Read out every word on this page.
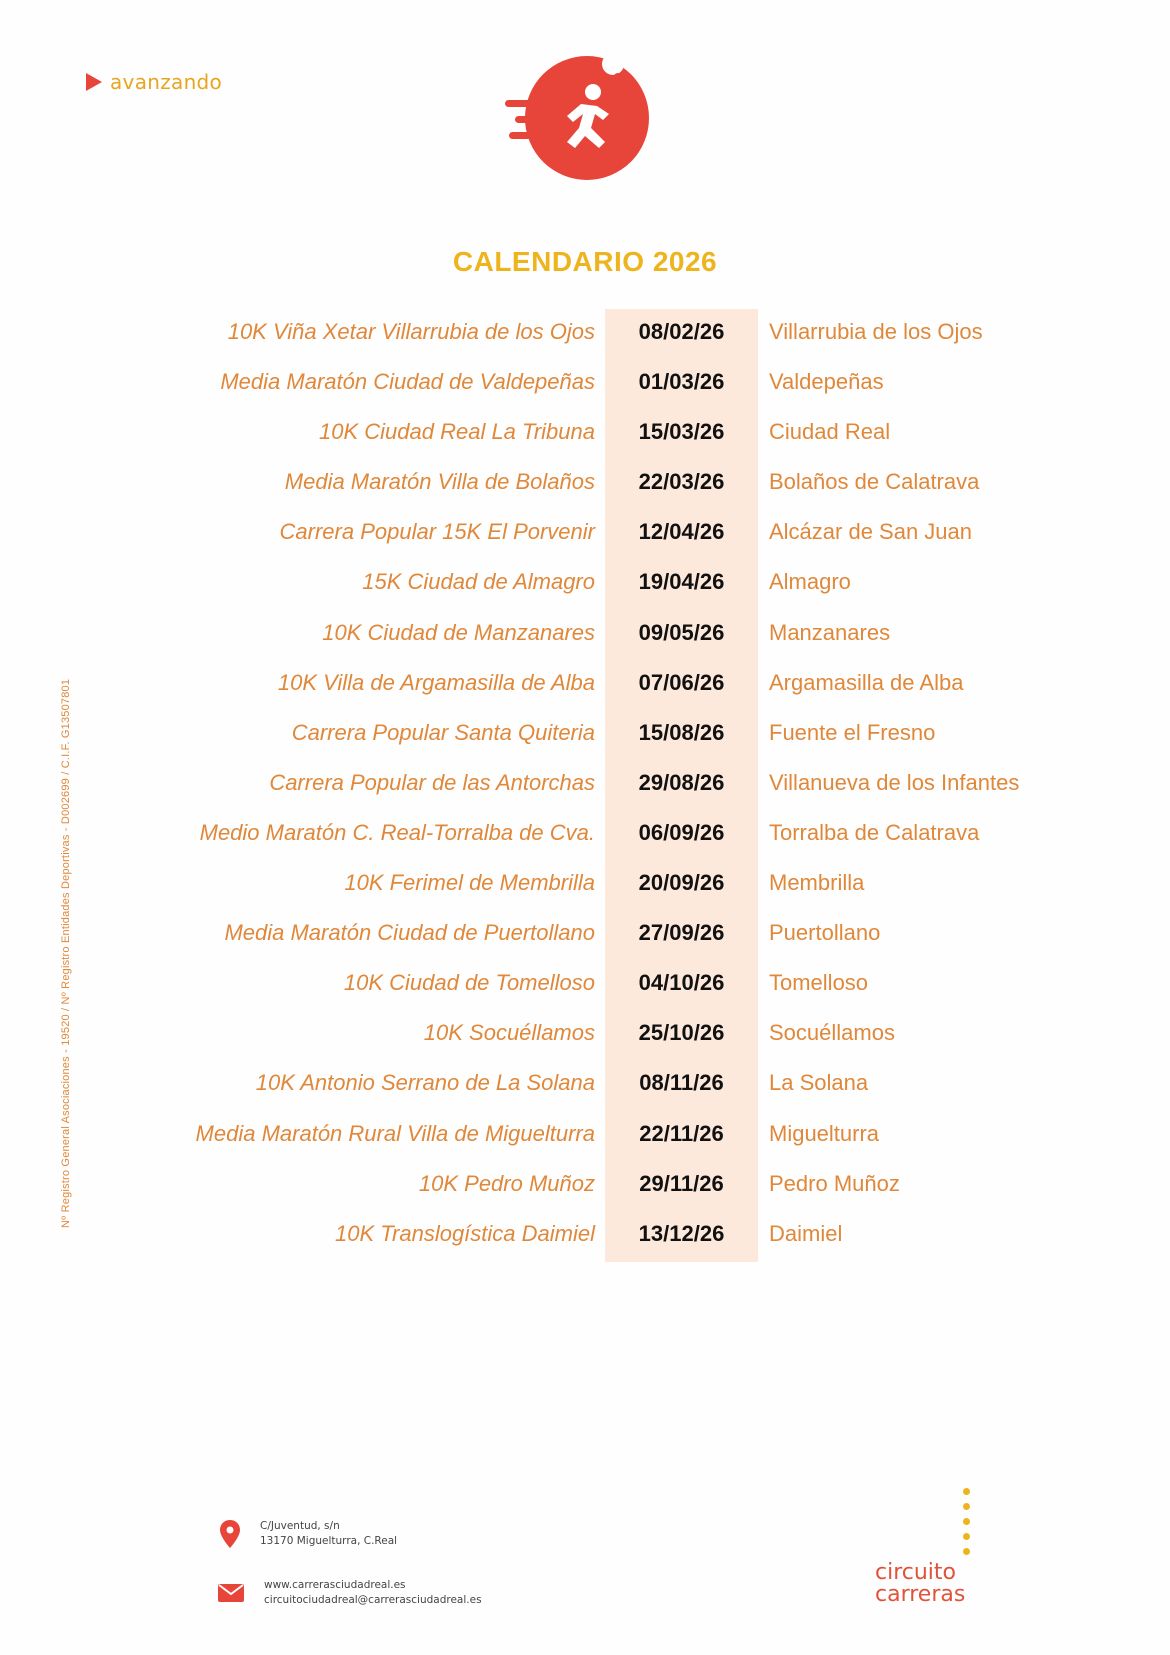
avanzando
CALENDARIO 2026
10K Viña Xetar Villarrubia de los Ojos	08/02/26	Villarrubia de los Ojos
Media Maratón Ciudad de Valdepeñas	01/03/26	Valdepeñas
10K Ciudad Real La Tribuna	15/03/26	Ciudad Real
Media Maratón Villa de Bolaños	22/03/26	Bolaños de Calatrava
Carrera Popular 15K El Porvenir	12/04/26	Alcázar de San Juan
15K Ciudad de Almagro	19/04/26	Almagro
10K Ciudad de Manzanares	09/05/26	Manzanares
10K Villa de Argamasilla de Alba	07/06/26	Argamasilla de Alba
Carrera Popular Santa Quiteria	15/08/26	Fuente el Fresno
Carrera Popular de las Antorchas	29/08/26	Villanueva de los Infantes
Medio Maratón C. Real-Torralba de Cva.	06/09/26	Torralba de Calatrava
10K Ferimel de Membrilla	20/09/26	Membrilla
Media Maratón Ciudad de Puertollano	27/09/26	Puertollano
10K Ciudad de Tomelloso	04/10/26	Tomelloso
10K Socuéllamos	25/10/26	Socuéllamos
10K Antonio Serrano de La Solana	08/11/26	La Solana
Media Maratón Rural Villa de Miguelturra	22/11/26	Miguelturra
10K Pedro Muñoz	29/11/26	Pedro Muñoz
10K Translogística Daimiel	13/12/26	Daimiel
Nº Registro General Asociaciones - 19520 / Nº Registro Entidades Deportivas - D002699 / C.I.F. G13507801
C/Juventud, s/n
13170 Miguelturra, C.Real
www.carrerasciudadreal.es
circuitociudadreal@carrerasciudadreal.es
circuito
carreras
